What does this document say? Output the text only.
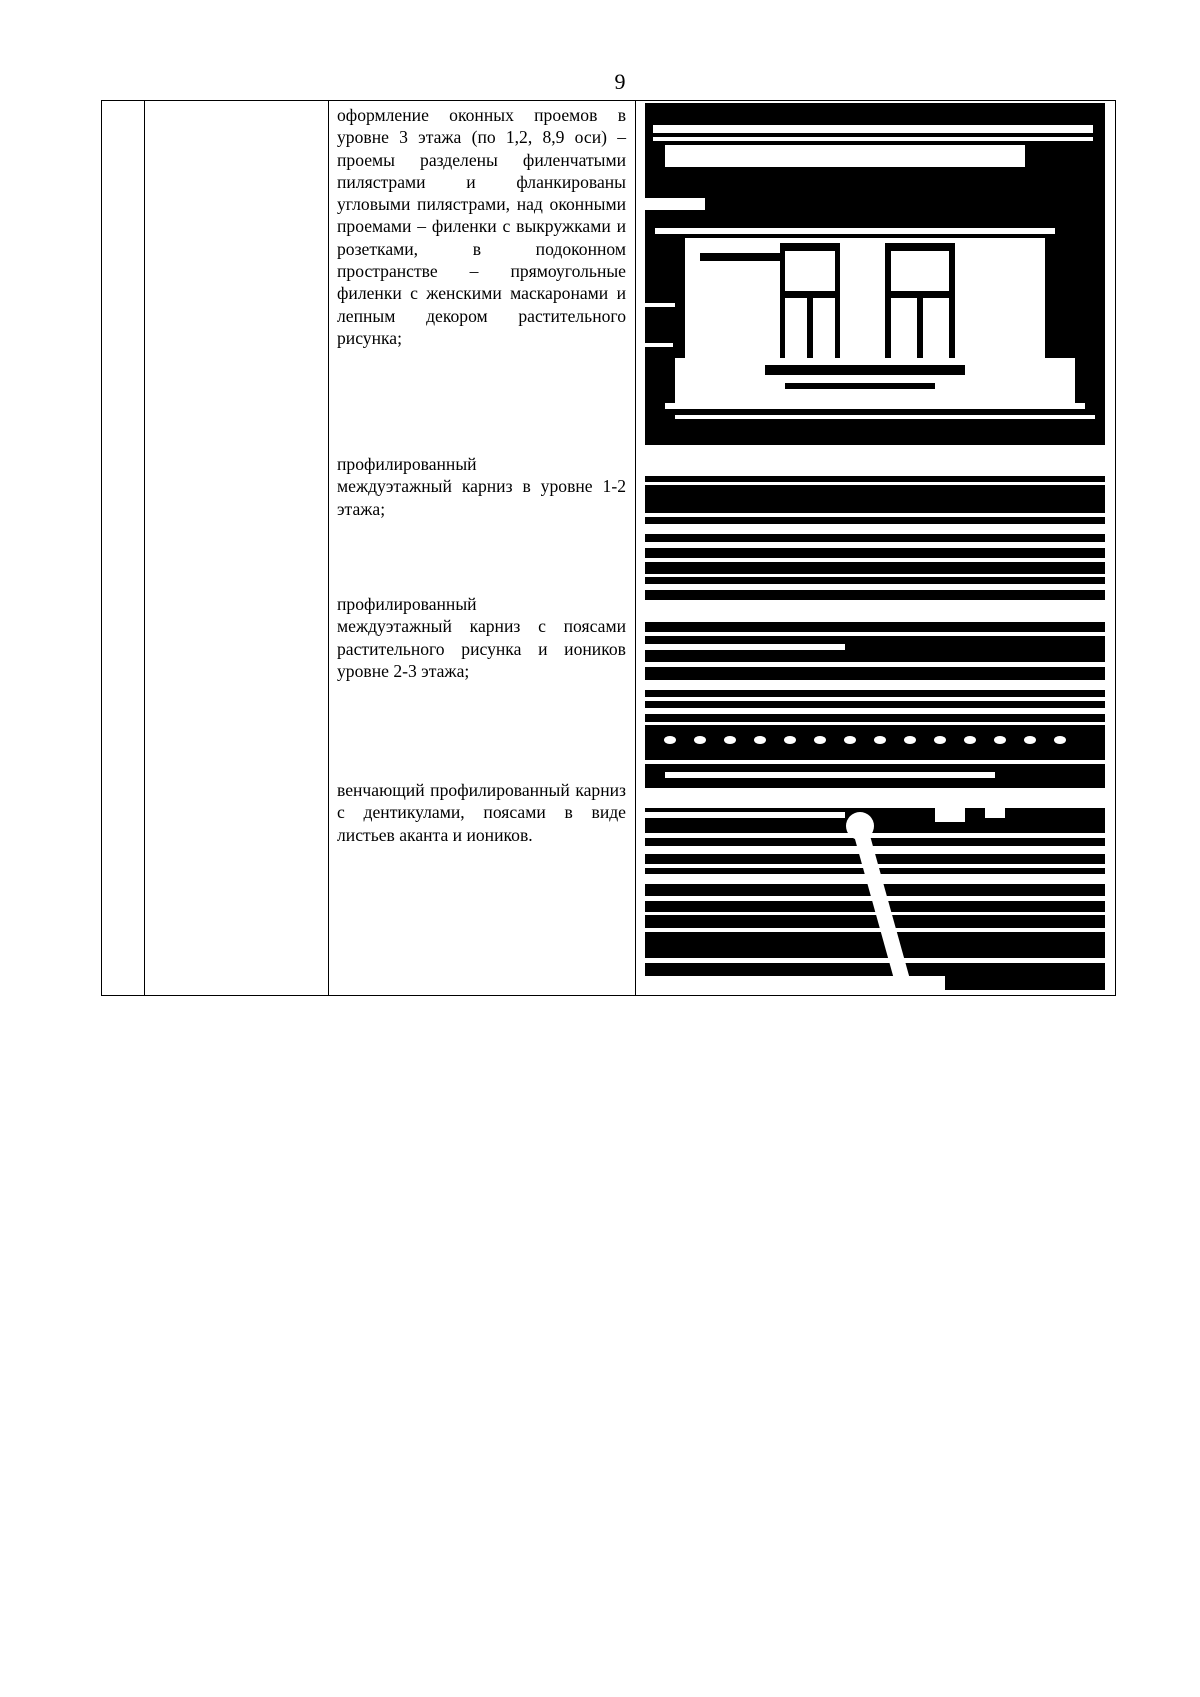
9

оформление оконных проемов в уровне 3 этажа (по 1,2, 8,9 оси) – проемы разделены филенчатыми пилястрами и фланкированы угловыми пилястрами, над оконными проемами – филенки с выкружками и розетками, в подоконном пространстве – прямоугольные филенки с женскими маскаронами и лепным декором растительного рисунка;
профилированный
междуэтажный карниз в уровне 1-2 этажа;
профилированный
междуэтажный карниз с поясами растительного рисунка и иоников уровне 2-3 этажа;
венчающий профилированный карниз с дентикулами, поясами в виде листьев аканта и иоников.
